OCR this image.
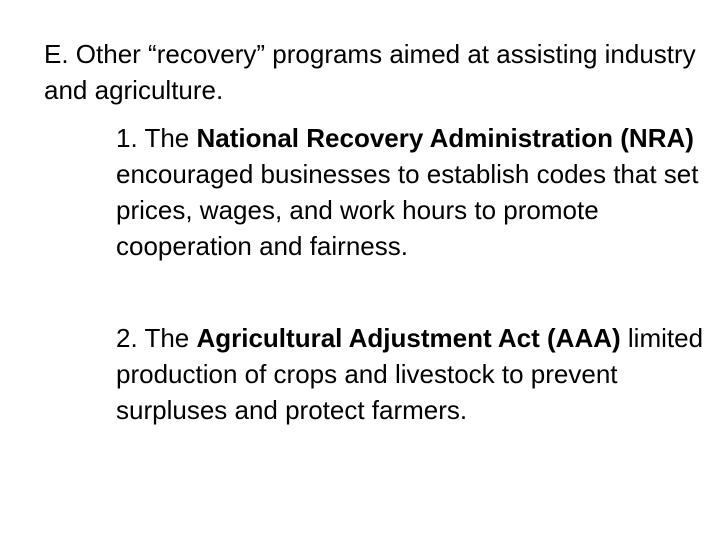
E. Other “recovery” programs aimed at assisting industry and agriculture.

1. The National Recovery Administration (NRA) encouraged businesses to establish codes that set prices, wages, and work hours to promote cooperation and fairness.

2. The Agricultural Adjustment Act (AAA) limited production of crops and livestock to prevent surpluses and protect farmers.
